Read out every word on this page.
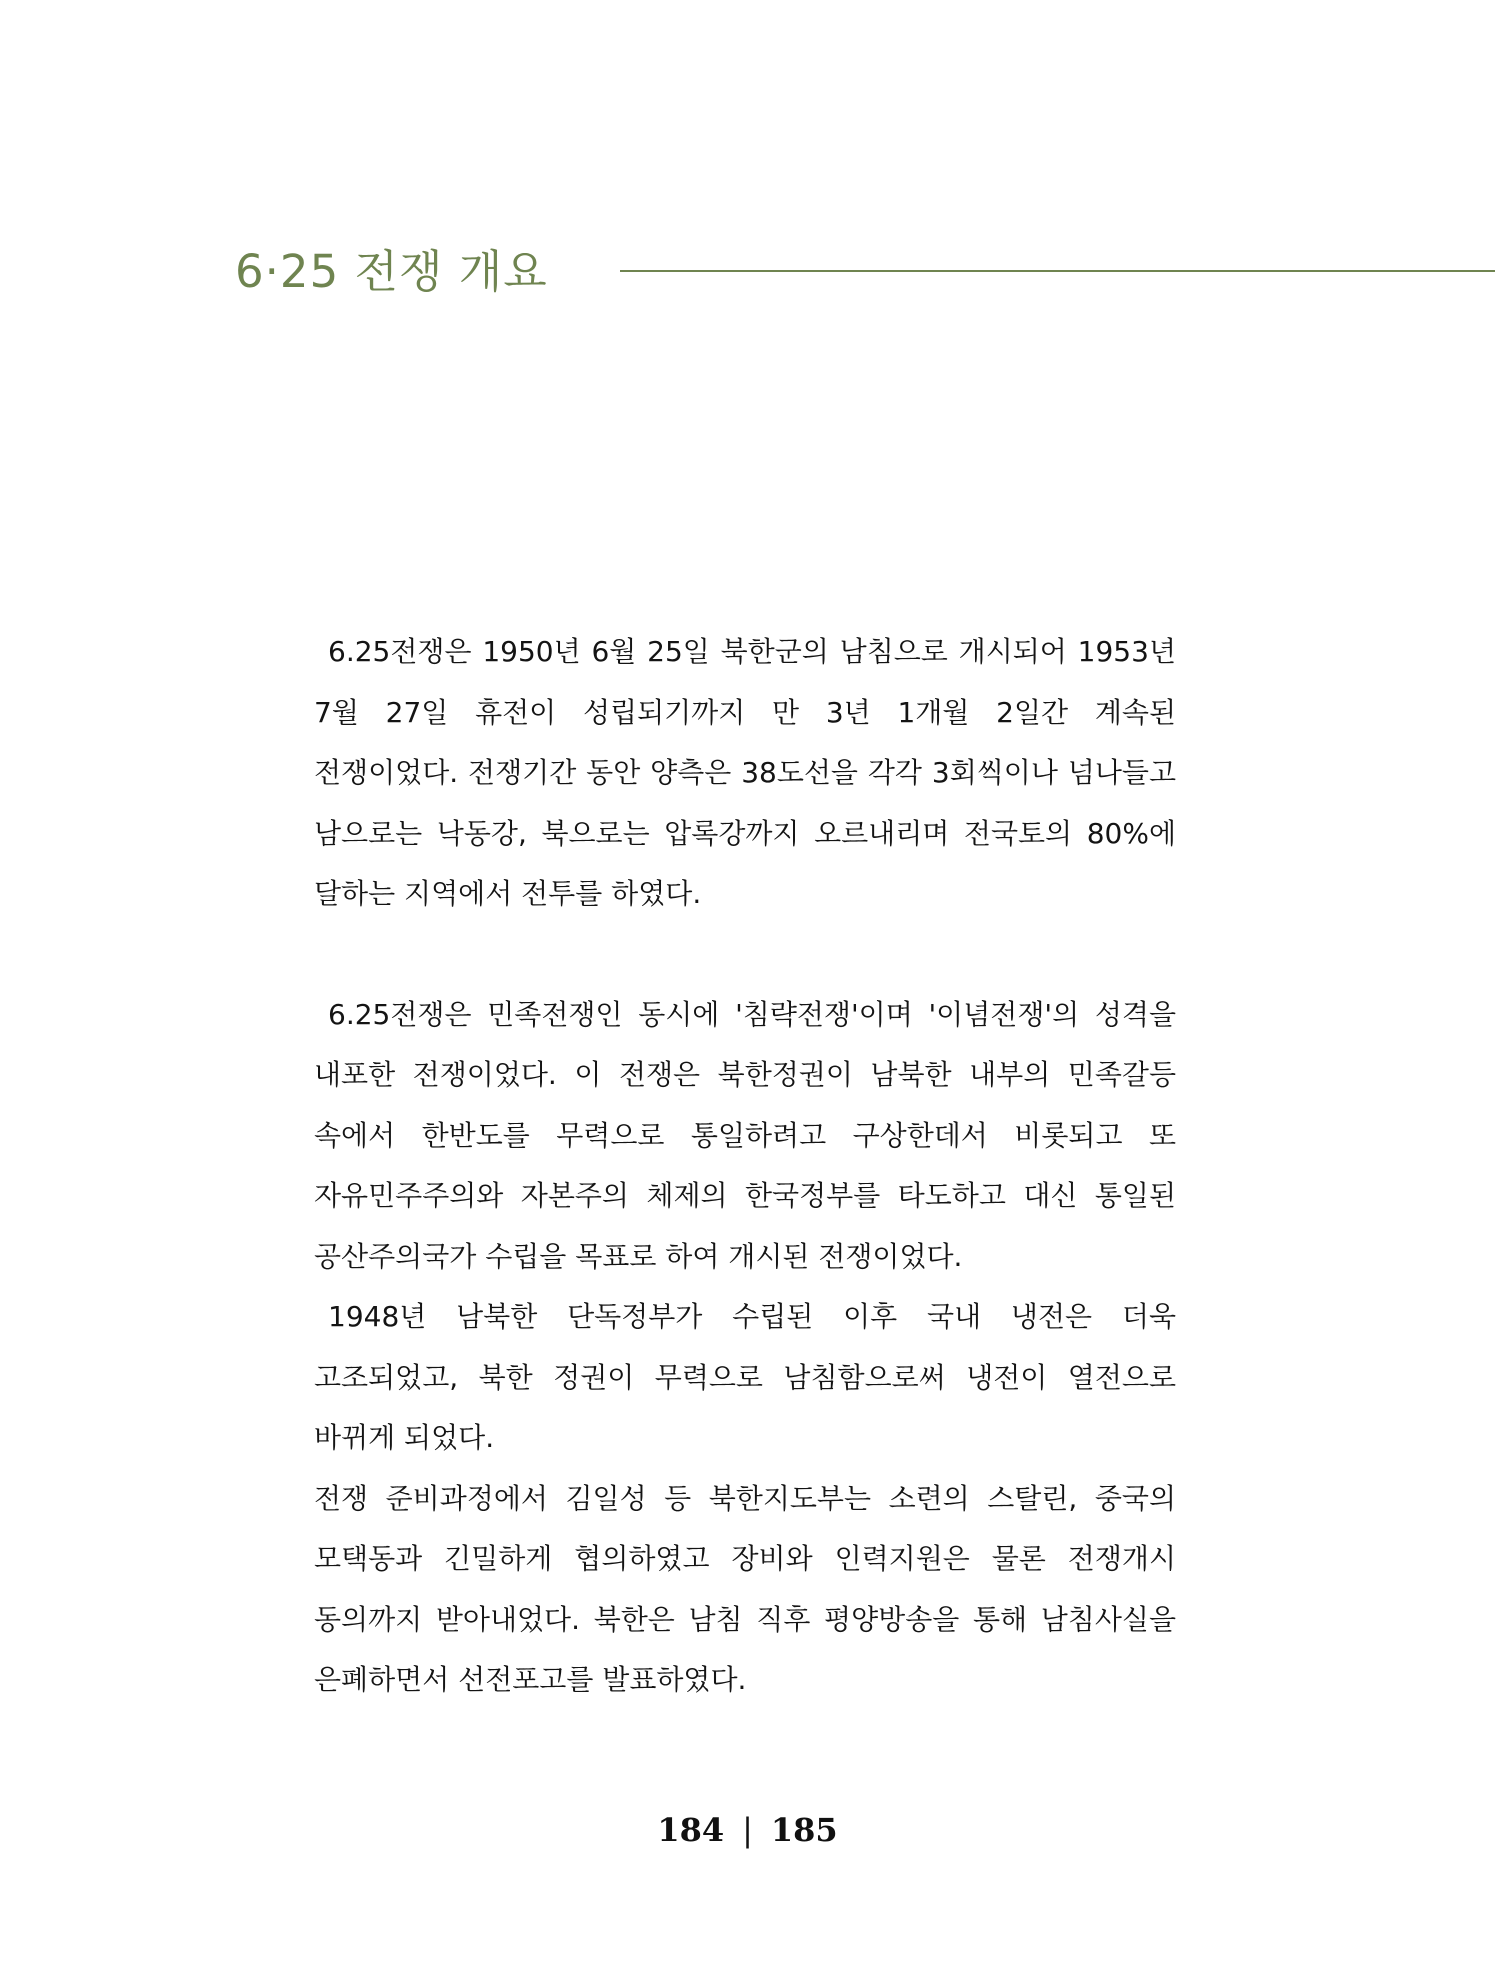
6·25 전쟁 개요

6.25전쟁은 1950년 6월 25일 북한군의 남침으로 개시되어 1953년 7월 27일 휴전이 성립되기까지 만 3년 1개월 2일간 계속된 전쟁이었다. 전쟁기간 동안 양측은 38도선을 각각 3회씩이나 넘나들고 남으로는 낙동강, 북으로는 압록강까지 오르내리며 전국토의 80%에 달하는 지역에서 전투를 하였다.

6.25전쟁은 민족전쟁인 동시에 '침략전쟁'이며 '이념전쟁'의 성격을 내포한 전쟁이었다. 이 전쟁은 북한정권이 남북한 내부의 민족갈등 속에서 한반도를 무력으로 통일하려고 구상한데서 비롯되고 또 자유민주주의와 자본주의 체제의 한국정부를 타도하고 대신 통일된 공산주의국가 수립을 목표로 하여 개시된 전쟁이었다.
1948년 남북한 단독정부가 수립된 이후 국내 냉전은 더욱 고조되었고, 북한 정권이 무력으로 남침함으로써 냉전이 열전으로 바뀌게 되었다.
전쟁 준비과정에서 김일성 등 북한지도부는 소련의 스탈린, 중국의 모택동과 긴밀하게 협의하였고 장비와 인력지원은 물론 전쟁개시 동의까지 받아내었다. 북한은 남침 직후 평양방송을 통해 남침사실을 은폐하면서 선전포고를 발표하였다.

184 | 185
